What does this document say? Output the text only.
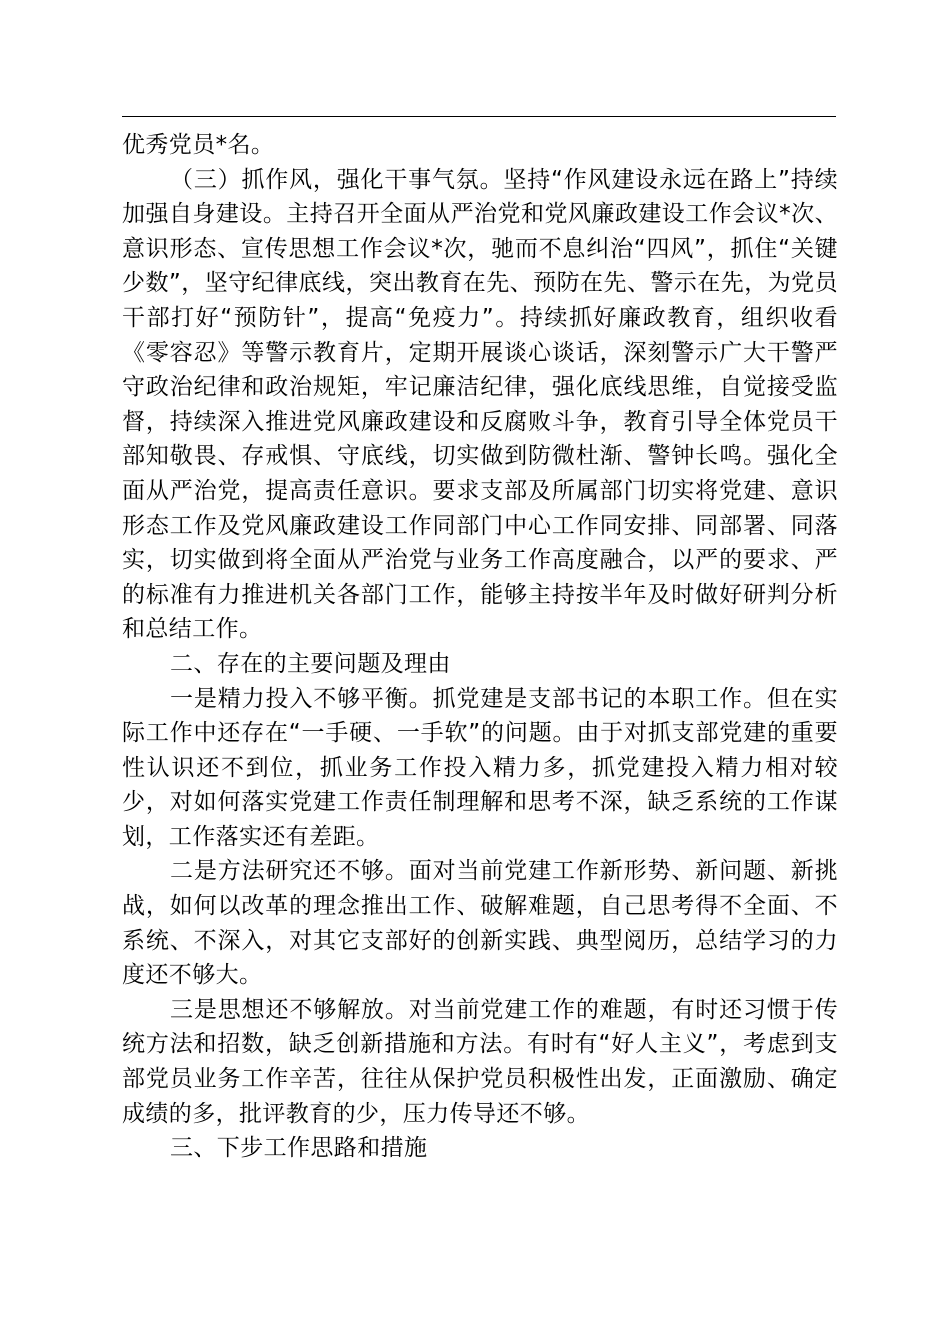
优秀党员*名。

（三）抓作风，强化干事气氛。坚持“作风建设永远在路上”持续加强自身建设。主持召开全面从严治党和党风廉政建设工作会议*次、意识形态、宣传思想工作会议*次，驰而不息纠治“四风”，抓住“关键少数”，坚守纪律底线，突出教育在先、预防在先、警示在先，为党员干部打好“预防针”，提高“免疫力”。持续抓好廉政教育，组织收看《零容忍》等警示教育片，定期开展谈心谈话，深刻警示广大干警严守政治纪律和政治规矩，牢记廉洁纪律，强化底线思维，自觉接受监督，持续深入推进党风廉政建设和反腐败斗争，教育引导全体党员干部知敬畏、存戒惧、守底线，切实做到防微杜渐、警钟长鸣。强化全面从严治党，提高责任意识。要求支部及所属部门切实将党建、意识形态工作及党风廉政建设工作同部门中心工作同安排、同部署、同落实，切实做到将全面从严治党与业务工作高度融合，以严的要求、严的标准有力推进机关各部门工作，能够主持按半年及时做好研判分析和总结工作。

二、存在的主要问题及理由

一是精力投入不够平衡。抓党建是支部书记的本职工作。但在实际工作中还存在“一手硬、一手软”的问题。由于对抓支部党建的重要性认识还不到位，抓业务工作投入精力多，抓党建投入精力相对较少，对如何落实党建工作责任制理解和思考不深，缺乏系统的工作谋划，工作落实还有差距。

二是方法研究还不够。面对当前党建工作新形势、新问题、新挑战，如何以改革的理念推出工作、破解难题，自己思考得不全面、不系统、不深入，对其它支部好的创新实践、典型阅历，总结学习的力度还不够大。

三是思想还不够解放。对当前党建工作的难题，有时还习惯于传统方法和招数，缺乏创新措施和方法。有时有“好人主义”，考虑到支部党员业务工作辛苦，往往从保护党员积极性出发，正面激励、确定成绩的多，批评教育的少，压力传导还不够。

三、下步工作思路和措施
